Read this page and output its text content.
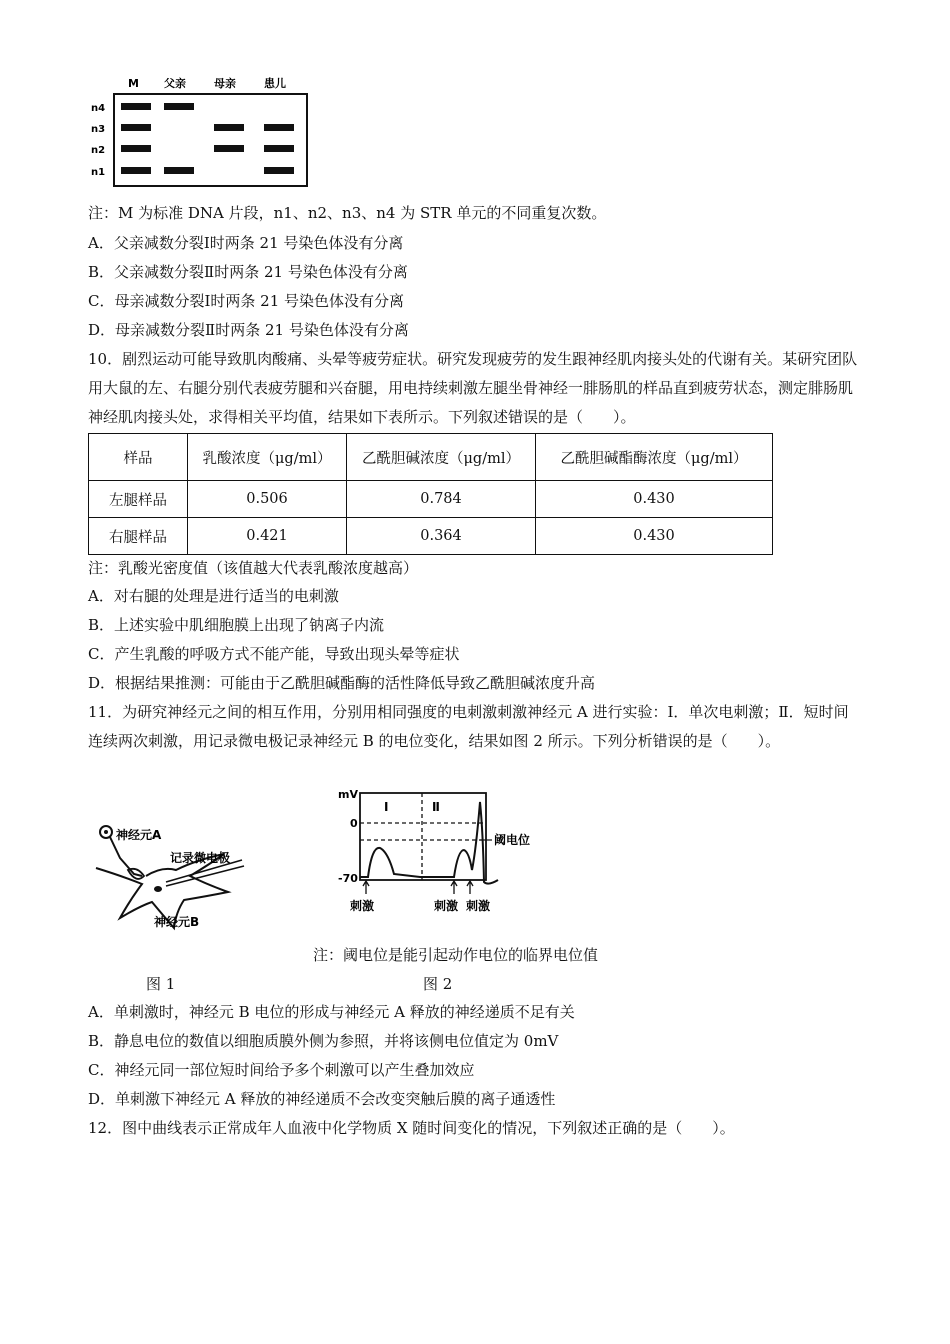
M 父亲	母亲	患儿
n4
n3
n2
n1
注：M 为标准 DNA 片段，n1、n2、n3、n4 为 STR 单元的不同重复次数。
A．父亲减数分裂Ⅰ时两条 21 号染色体没有分离
B．父亲减数分裂Ⅱ时两条 21 号染色体没有分离
C．母亲减数分裂Ⅰ时两条 21 号染色体没有分离
D．母亲减数分裂Ⅱ时两条 21 号染色体没有分离
10．剧烈运动可能导致肌肉酸痛、头晕等疲劳症状。研究发现疲劳的发生跟神经肌肉接头处的代谢有关。某研究团队用大鼠的左、右腿分别代表疲劳腿和兴奋腿，用电持续刺激左腿坐骨神经一腓肠肌的样品直到疲劳状态，测定腓肠肌神经肌肉接头处，求得相关平均值，结果如下表所示。下列叙述错误的是（　　）。
样品	乳酸浓度（μg/ml）	乙酰胆碱浓度（μg/ml）	乙酰胆碱酯酶浓度（μg/ml）
左腿样品	0.506	0.784	0.430
右腿样品	0.421	0.364	0.430
注：乳酸光密度值（该值越大代表乳酸浓度越高）
A．对右腿的处理是进行适当的电刺激
B．上述实验中肌细胞膜上出现了钠离子内流
C．产生乳酸的呼吸方式不能产能，导致出现头晕等症状
D．根据结果推测：可能由于乙酰胆碱酯酶的活性降低导致乙酰胆碱浓度升高
11．为研究神经元之间的相互作用，分别用相同强度的电刺激刺激神经元 A 进行实验：Ⅰ．单次电刺激；Ⅱ．短时间连续两次刺激，用记录微电极记录神经元 B 的电位变化，结果如图 2 所示。下列分析错误的是（　　）。
神经元A
记录微电极
神经元B
mV
0
-70
Ⅰ	Ⅱ
阈电位
刺激	刺激 刺激
注：阈电位是能引起动作电位的临界电位值
图 1	图 2
A．单刺激时，神经元 B 电位的形成与神经元 A 释放的神经递质不足有关
B．静息电位的数值以细胞质膜外侧为参照，并将该侧电位值定为 0mV
C．神经元同一部位短时间给予多个刺激可以产生叠加效应
D．单刺激下神经元 A 释放的神经递质不会改变突触后膜的离子通透性
12．图中曲线表示正常成年人血液中化学物质 X 随时间变化的情况，下列叙述正确的是（　　）。
